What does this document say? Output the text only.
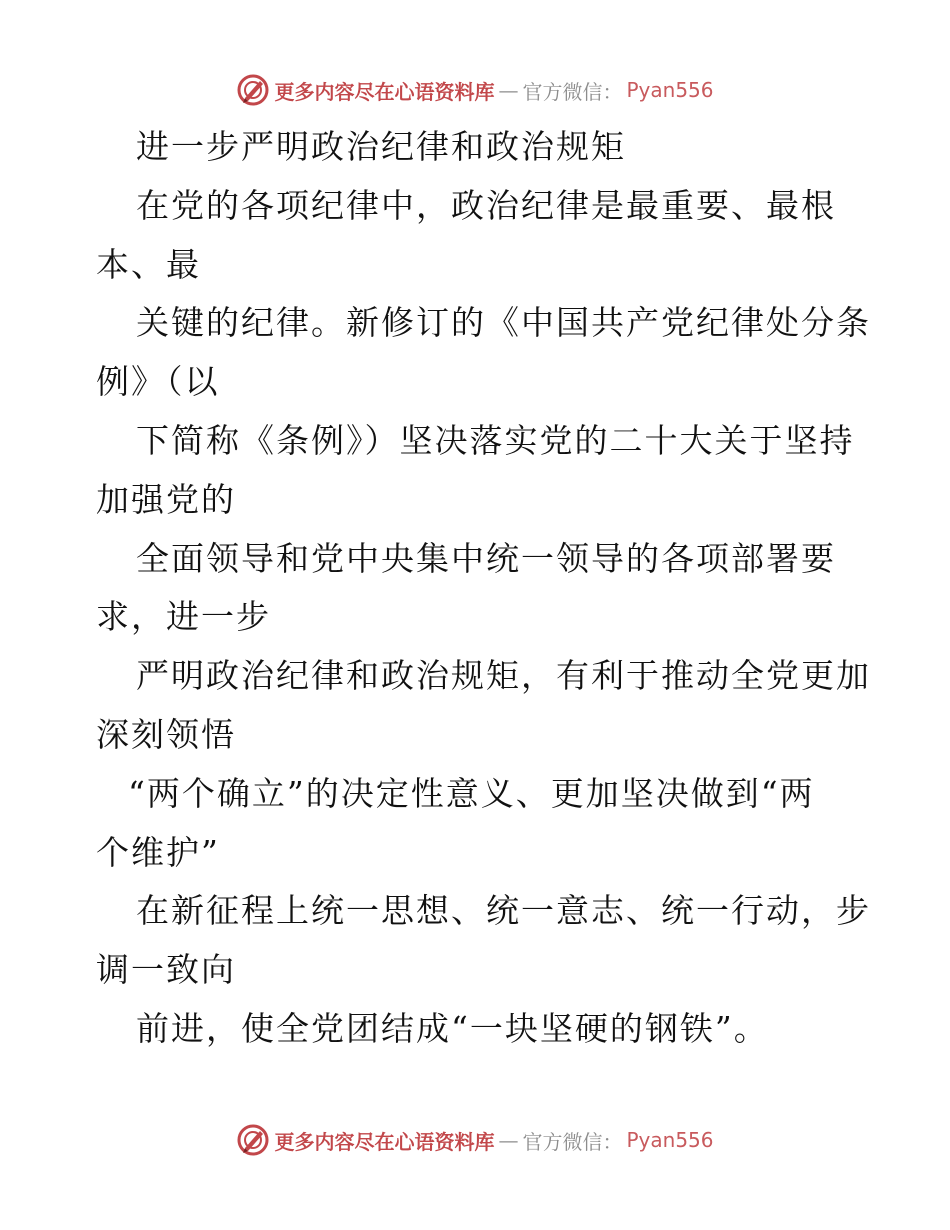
更多内容尽在心语资料库 — 官方微信： Pyan556
进一步严明政治纪律和政治规矩
在党的各项纪律中，政治纪律是最重要、最根
本、最
关键的纪律。新修订的《中国共产党纪律处分条
例》（以
下简称《条例》）坚决落实党的二十大关于坚持
加强党的
全面领导和党中央集中统一领导的各项部署要
求，进一步
严明政治纪律和政治规矩，有利于推动全党更加
深刻领悟
“两个确立”的决定性意义、更加坚决做到“两
个维护”
在新征程上统一思想、统一意志、统一行动，步
调一致向
前进，使全党团结成“一块坚硬的钢铁”。
更多内容尽在心语资料库 — 官方微信： Pyan556
